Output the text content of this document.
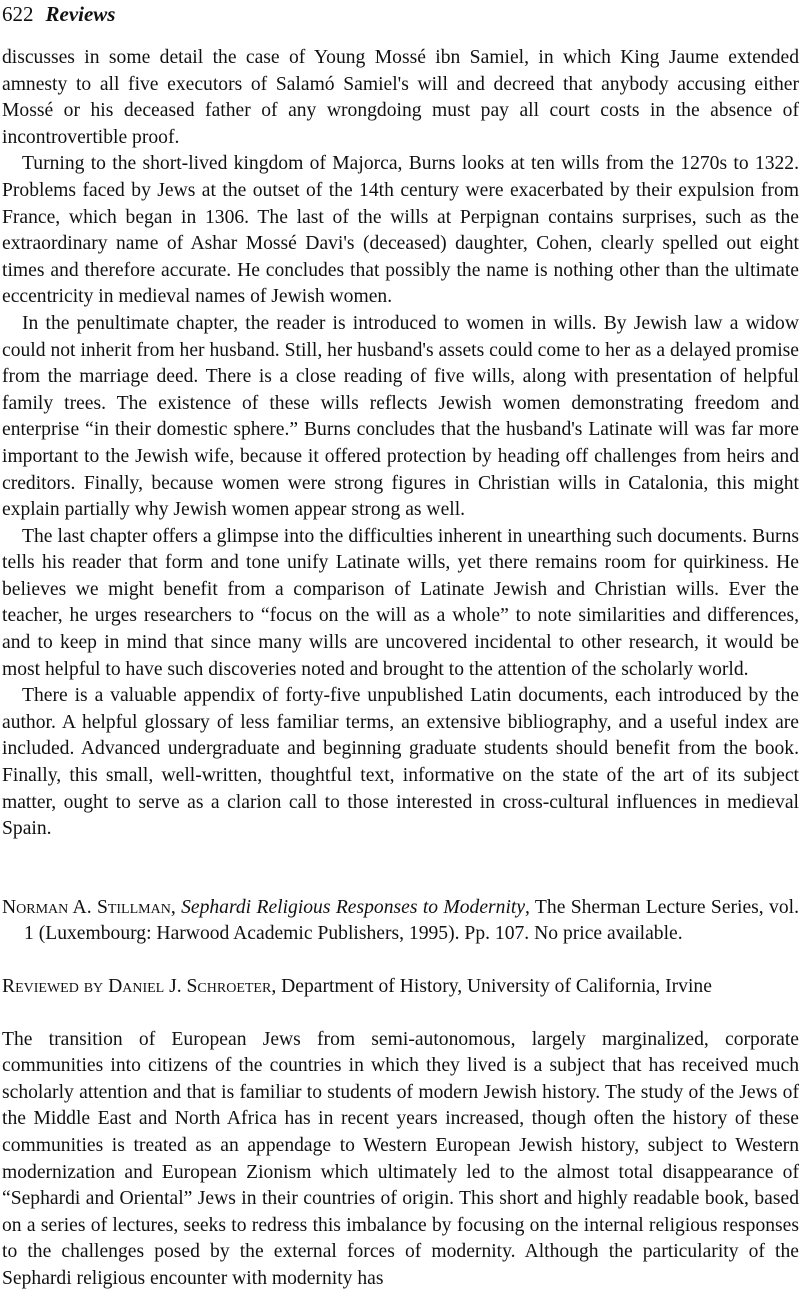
622 Reviews

discusses in some detail the case of Young Mossé ibn Samiel, in which King Jaume extended amnesty to all five executors of Salamó Samiel's will and decreed that anybody accusing either Mossé or his deceased father of any wrongdoing must pay all court costs in the absence of incontrovertible proof.

Turning to the short-lived kingdom of Majorca, Burns looks at ten wills from the 1270s to 1322. Problems faced by Jews at the outset of the 14th century were exacerbated by their expulsion from France, which began in 1306. The last of the wills at Perpignan contains surprises, such as the extraordinary name of Ashar Mossé Davi's (deceased) daughter, Cohen, clearly spelled out eight times and therefore accurate. He concludes that possibly the name is nothing other than the ultimate eccentricity in medieval names of Jewish women.

In the penultimate chapter, the reader is introduced to women in wills. By Jewish law a widow could not inherit from her husband. Still, her husband's assets could come to her as a delayed promise from the marriage deed. There is a close reading of five wills, along with presentation of helpful family trees. The existence of these wills reflects Jewish women demonstrating freedom and enterprise “in their domestic sphere.” Burns concludes that the husband's Latinate will was far more important to the Jewish wife, because it offered protection by heading off challenges from heirs and creditors. Finally, because women were strong figures in Christian wills in Catalonia, this might explain partially why Jewish women appear strong as well.

The last chapter offers a glimpse into the difficulties inherent in unearthing such documents. Burns tells his reader that form and tone unify Latinate wills, yet there remains room for quirkiness. He believes we might benefit from a comparison of Latinate Jewish and Christian wills. Ever the teacher, he urges researchers to “focus on the will as a whole” to note similarities and differences, and to keep in mind that since many wills are uncovered incidental to other research, it would be most helpful to have such discoveries noted and brought to the attention of the scholarly world.

There is a valuable appendix of forty-five unpublished Latin documents, each introduced by the author. A helpful glossary of less familiar terms, an extensive bibliography, and a useful index are included. Advanced undergraduate and beginning graduate students should benefit from the book. Finally, this small, well-written, thoughtful text, informative on the state of the art of its subject matter, ought to serve as a clarion call to those interested in cross-cultural influences in medieval Spain.

Norman A. Stillman, Sephardi Religious Responses to Modernity, The Sherman Lecture Series, vol. 1 (Luxembourg: Harwood Academic Publishers, 1995). Pp. 107. No price available.
Reviewed by Daniel J. Schroeter, Department of History, University of California, Irvine

The transition of European Jews from semi-autonomous, largely marginalized, corporate communities into citizens of the countries in which they lived is a subject that has received much scholarly attention and that is familiar to students of modern Jewish history. The study of the Jews of the Middle East and North Africa has in recent years increased, though often the history of these communities is treated as an appendage to Western European Jewish history, subject to Western modernization and European Zionism which ultimately led to the almost total disappearance of “Sephardi and Oriental” Jews in their countries of origin. This short and highly readable book, based on a series of lectures, seeks to redress this imbalance by focusing on the internal religious responses to the challenges posed by the external forces of modernity. Although the particularity of the Sephardi religious encounter with modernity has
